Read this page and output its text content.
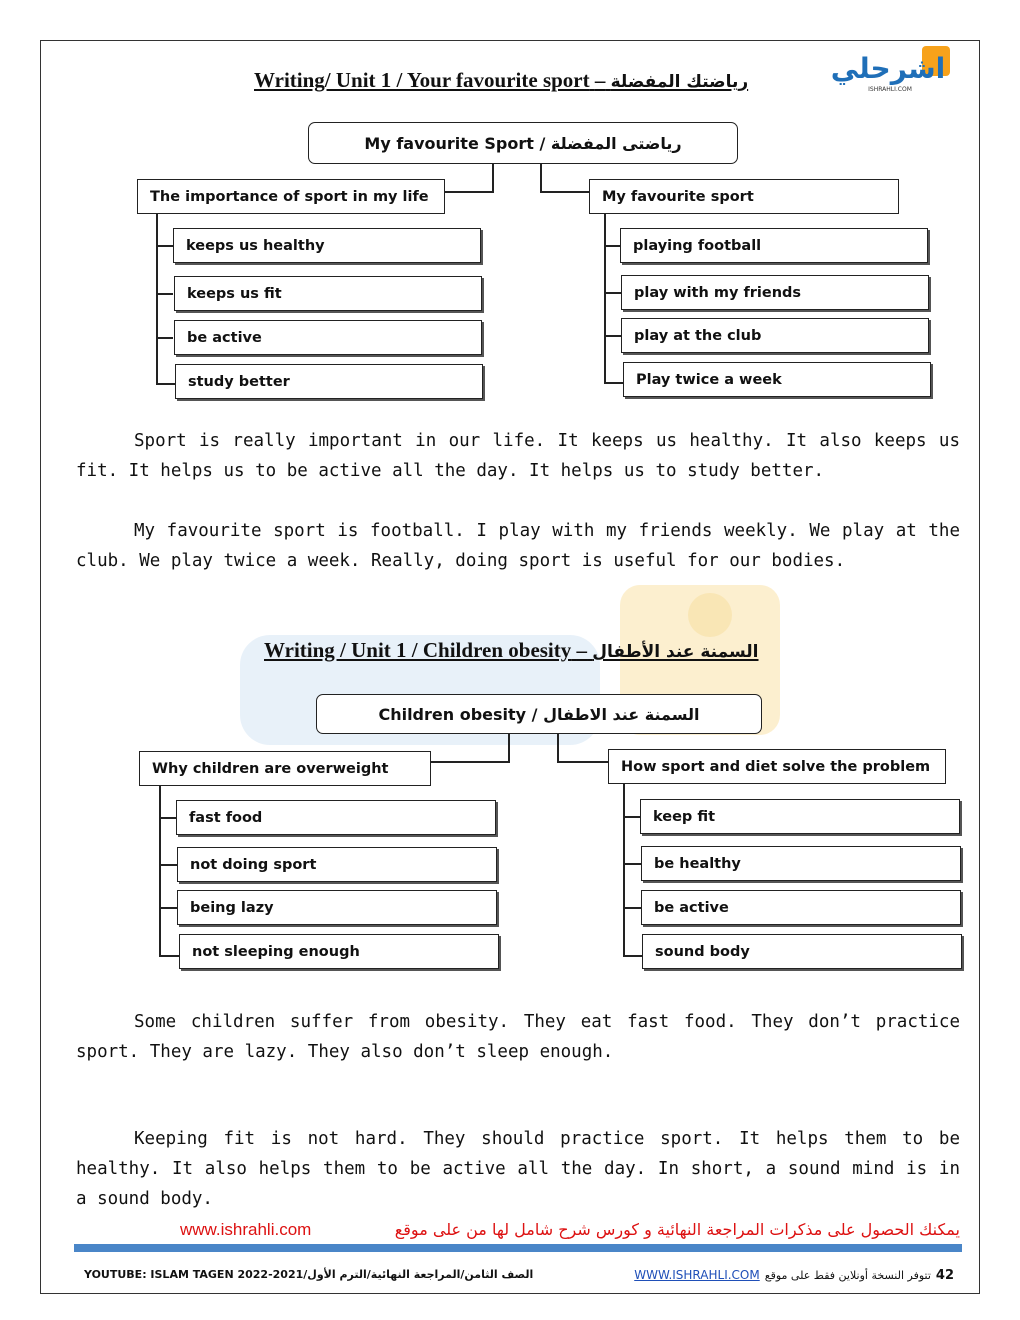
اشرحلي
ISHRAHLI.COM
Writing/ Unit 1 / Your favourite sport – رياضتك المفضلة
My favourite Sport / رياضتى المفضلة
The importance of sport in my life	My favourite sport
keeps us healthy
keeps us fit
be active
study better
playing football
play with my friends
play at the club
Play twice a week
Sport is really important in our life. It keeps us healthy. It also keeps us fit. It helps us to be active all the day. It helps us to study better.
My favourite sport is football. I play with my friends weekly. We play at the club. We play twice a week. Really, doing sport is useful for our bodies.
Writing / Unit 1 / Children obesity – السمنة عند الأطفال
Children obesity / السمنة عند الاطفال
Why children are overweight	How sport and diet solve the problem
fast food
not doing sport
being lazy
not sleeping enough
keep fit
be healthy
be active
sound body
Some children suffer from obesity. They eat fast food. They don’t practice sport. They are lazy. They also don’t sleep enough.
Keeping fit is not hard. They should practice sport. It helps them to be healthy. It also helps them to be active all the day. In short, a sound mind is in a sound body.
www.ishrahli.com	يمكنك الحصول على مذكرات المراجعة النهائية و كورس شرح شامل لها من على موقع
YOUTUBE: ISLAM TAGEN 2022-2021/الصف الثامن/المراجعة النهائية/الترم الأول	WWW.ISHRAHLI.COM تتوفر النسخة أونلاين فقط على موقع 42
